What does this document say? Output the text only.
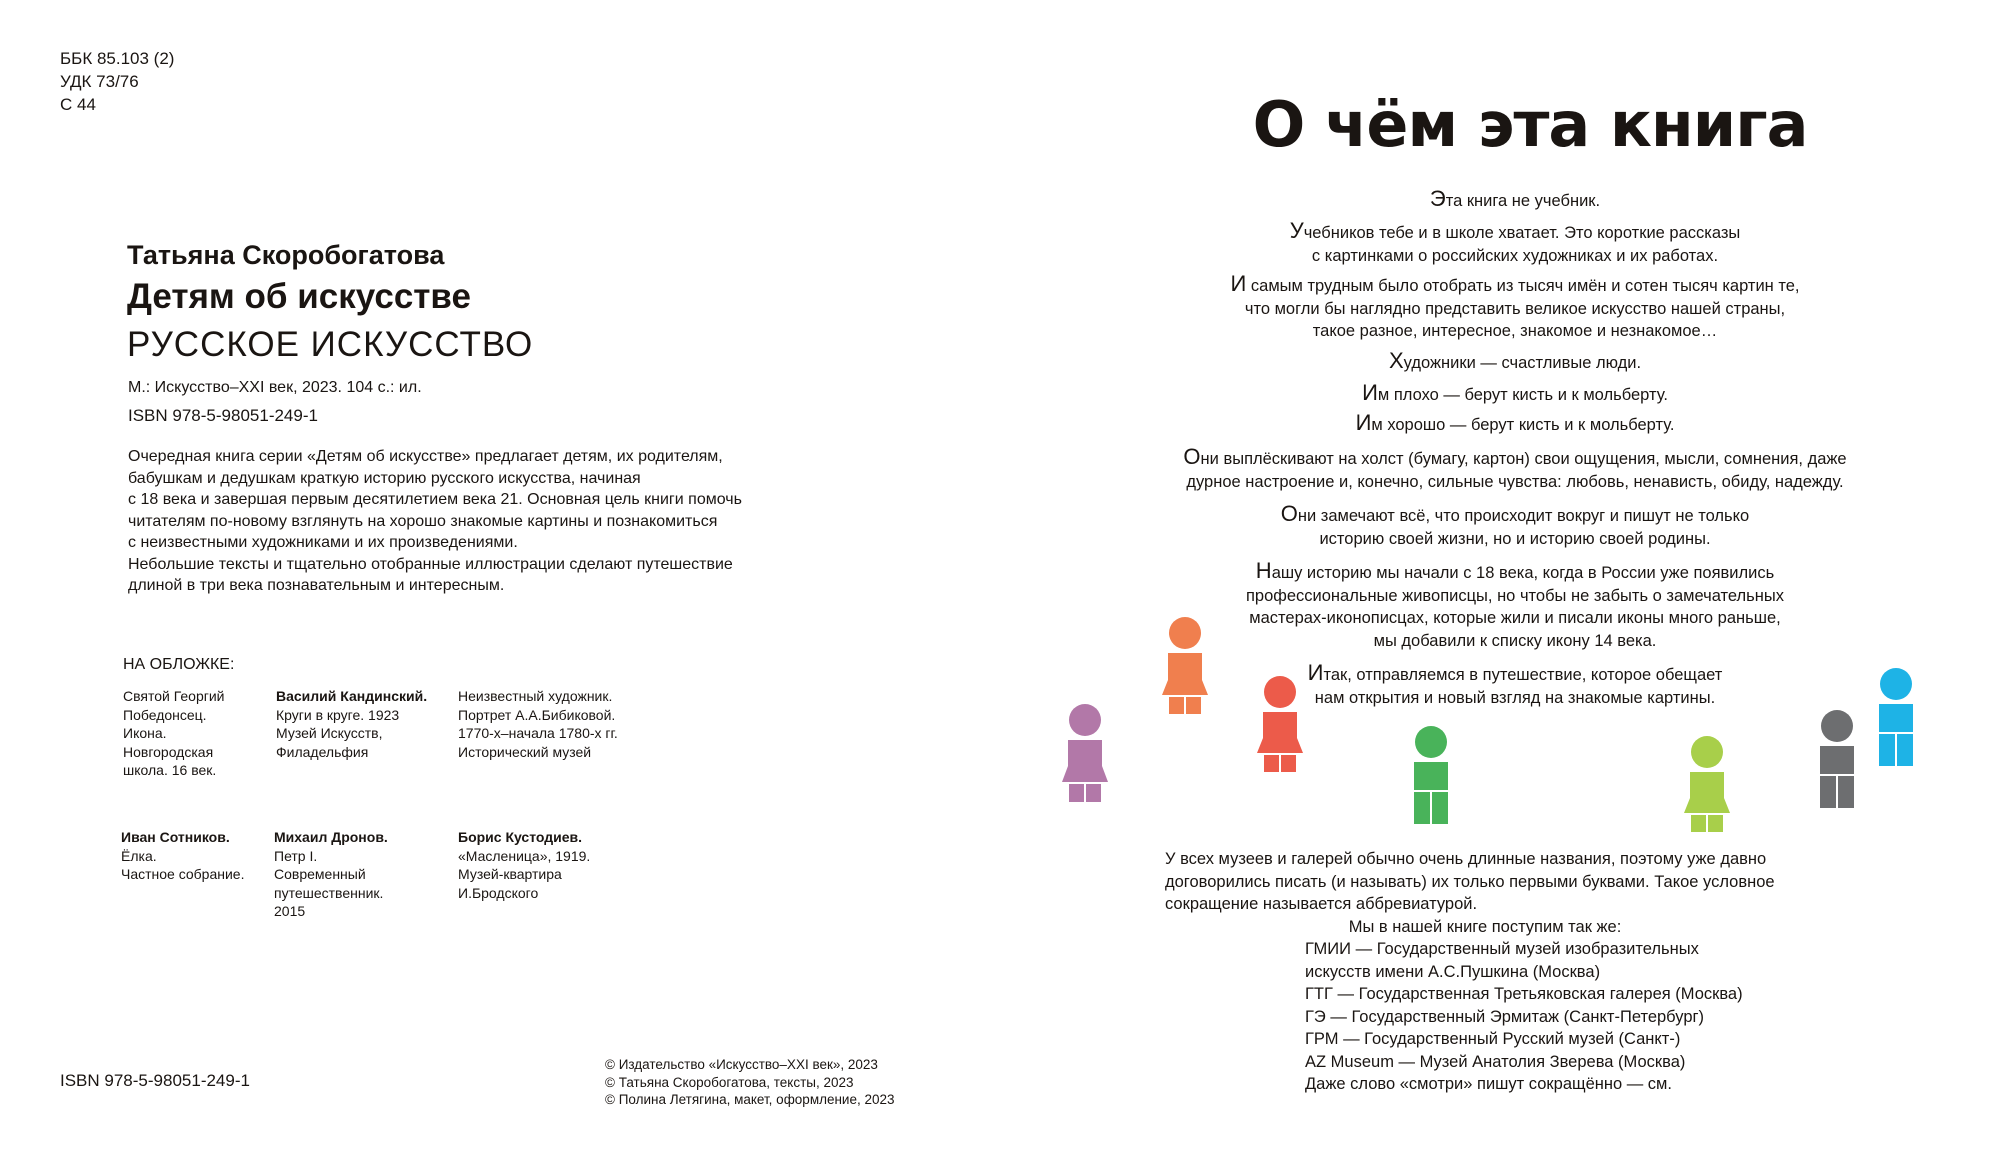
ББК 85.103 (2)
УДК 73/76
С 44
Татьяна Скоробогатова
Детям об искусстве
РУССКОЕ ИСКУССТВО
М.: Искусство–XXI век, 2023. 104 с.: ил.
ISBN 978-5-98051-249-1

Очередная книга серии «Детям об искусстве» предлагает детям, их родителям,

бабушкам и дедушкам краткую историю русского искусства, начиная

с 18 века и завершая первым десятилетием века 21. Основная цель книги помочь

читателям по-новому взглянуть на хорошо знакомые картины и познакомиться

с неизвестными художниками и их произведениями.

Небольшие тексты и тщательно отобранные иллюстрации сделают путешествие

длиной в три века познавательным и интересным.

НА ОБЛОЖКЕ:
Святой Георгий
Победонсец.
Икона.
Новгородская
школа. 16 век.
Василий Кандинский.
Круги в круге. 1923
Музей Искусств,
Филадельфия
Неизвестный художник.
Портрет А.А.Бибиковой.
1770-х–начала 1780-х гг.
Исторический музей
Иван Сотников.
Ёлка.
Частное собрание.
Михаил Дронов.
Петр I.
Современный
путешественник.
2015
Борис Кустодиев.
«Масленица», 1919.
Музей-квартира
И.Бродского
ISBN 978-5-98051-249-1
© Издательство «Искусство–XXI век», 2023
© Татьяна Скоробогатова, тексты, 2023
© Полина Летягина, макет, оформление, 2023
О чём эта книга
Эта книга не учебник.
Учебников тебе и в школе хватает. Это короткие рассказы
с картинками о российских художниках и их работах.
И самым трудным было отобрать из тысяч имён и сотен тысяч картин те,
что могли бы наглядно представить великое искусство нашей страны,
такое разное, интересное, знакомое и незнакомое…
Художники — счастливые люди.
Им плохо — берут кисть и к мольберту.
Им хорошо — берут кисть и к мольберту.
Они выплёскивают на холст (бумагу, картон) свои ощущения, мысли, сомнения, даже
дурное настроение и, конечно, сильные чувства: любовь, ненависть, обиду, надежду.
Они замечают всё, что происходит вокруг и пишут не только
историю своей жизни, но и историю своей родины.
Нашу историю мы начали с 18 века, когда в России уже появились
профессиональные живописцы, но чтобы не забыть о замечательных
мастерах-иконописцах, которые жили и писали иконы много раньше,
мы добавили к списку икону 14 века.
Итак, отправляемся в путешествие, которое обещает
нам открытия и новый взгляд на знакомые картины.
У всех музеев и галерей обычно очень длинные названия, поэтому уже давно
договорились писать (и называть) их только первыми буквами. Такое условное
сокращение называется аббревиатурой.
Мы в нашей книге поступим так же:
ГМИИ — Государственный музей изобразительных
искусств имени А.С.Пушкина (Москва)
ГТГ — Государственная Третьяковская галерея (Москва)
ГЭ — Государственный Эрмитаж (Санкт-Петербург)
ГРМ — Государственный Русский музей (Санкт-)
AZ Museum — Музей Анатолия Зверева (Москва)
Даже слово «смотри» пишут сокращённо — см.
